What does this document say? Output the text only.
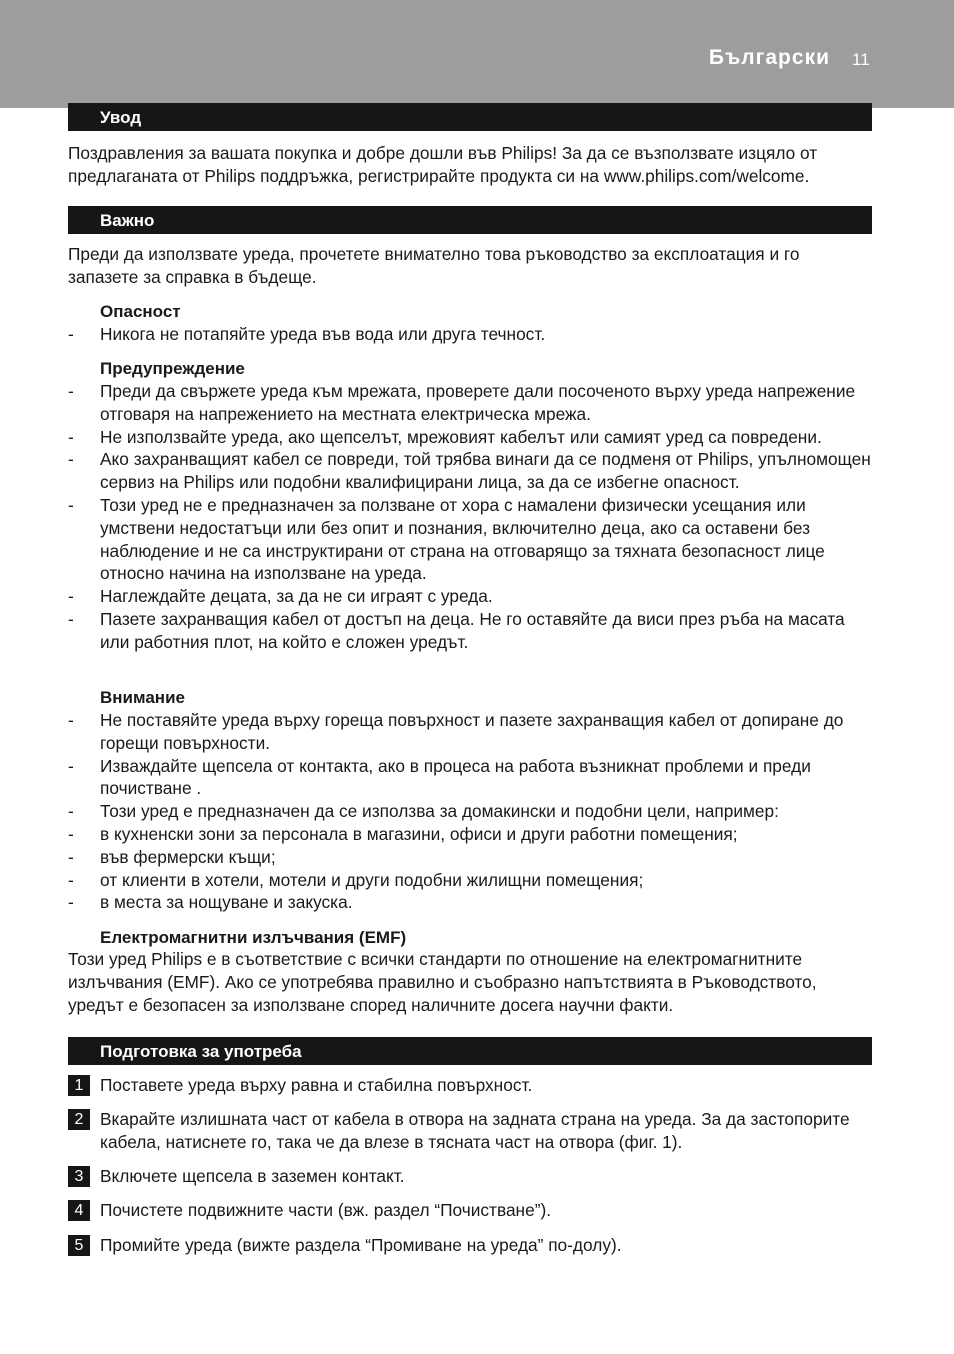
Български 11
Увод

Поздравления за вашата покупка и добре дошли във Philips! За да се възползвате изцяло от предлаганата от Philips поддръжка, регистрирайте продукта си на www.philips.com/welcome.

Важно

Преди да използвате уреда, прочетете внимателно това ръководство за експлоатация и го запазете за справка в бъдеще.

Опасност
- Никога не потапяйте уреда във вода или друга течност.
Предупреждение
- Преди да свържете уреда към мрежата, проверете дали посоченото върху уреда напрежение отговаря на напрежението на местната електрическа мрежа.
- Не използвайте уреда, ако щепселът, мрежовият кабелът или самият уред са повредени.
- Ако захранващият кабел се повреди, той трябва винаги да се подменя от Philips, упълномощен сервиз на Philips или подобни квалифицирани лица, за да се избегне опасност.
- Този уред не е предназначен за ползване от хора с намалени физически усещания или умствени недостатъци или без опит и познания, включително деца, ако са оставени без наблюдение и не са инструктирани от страна на отговарящо за тяхната безопасност лице относно начина на използване на уреда.
- Наглеждайте децата, за да не си играят с уреда.
- Пазете захранващия кабел от достъп на деца. Не го оставяйте да виси през ръба на масата или работния плот, на който е сложен уредът.
Внимание
- Не поставяйте уреда върху гореща повърхност и пазете захранващия кабел от допиране до горещи повърхности.
- Изваждайте щепсела от контакта, ако в процеса на работа възникнат проблеми и преди почистване .
- Този уред е предназначен да се използва за домакински и подобни цели, например:
- в кухненски зони за персонала в магазини, офиси и други работни помещения;
- във фермерски къщи;
- от клиенти в хотели, мотели и други подобни жилищни помещения;
- в места за нощуване и закуска.
Електромагнитни излъчвания (EMF)

Този уред Philips е в съответствие с всички стандарти по отношение на електромагнитните излъчвания (EMF). Ако се употребява правилно и съобразно напътствията в Ръководството, уредът е безопасен за използване според наличните досега научни факти.

Подготовка за употреба
1 Поставете уреда върху равна и стабилна повърхност.
2 Вкарайте излишната част от кабела в отвора на задната страна на уреда. За да застопорите кабела, натиснете го, така че да влезе в тясната част на отвора (фиг. 1).
3 Включете щепсела в заземен контакт.
4 Почистете подвижните части (вж. раздел “Почистване”).
5 Промийте уреда (вижте раздела “Промиване на уреда” по-долу).
